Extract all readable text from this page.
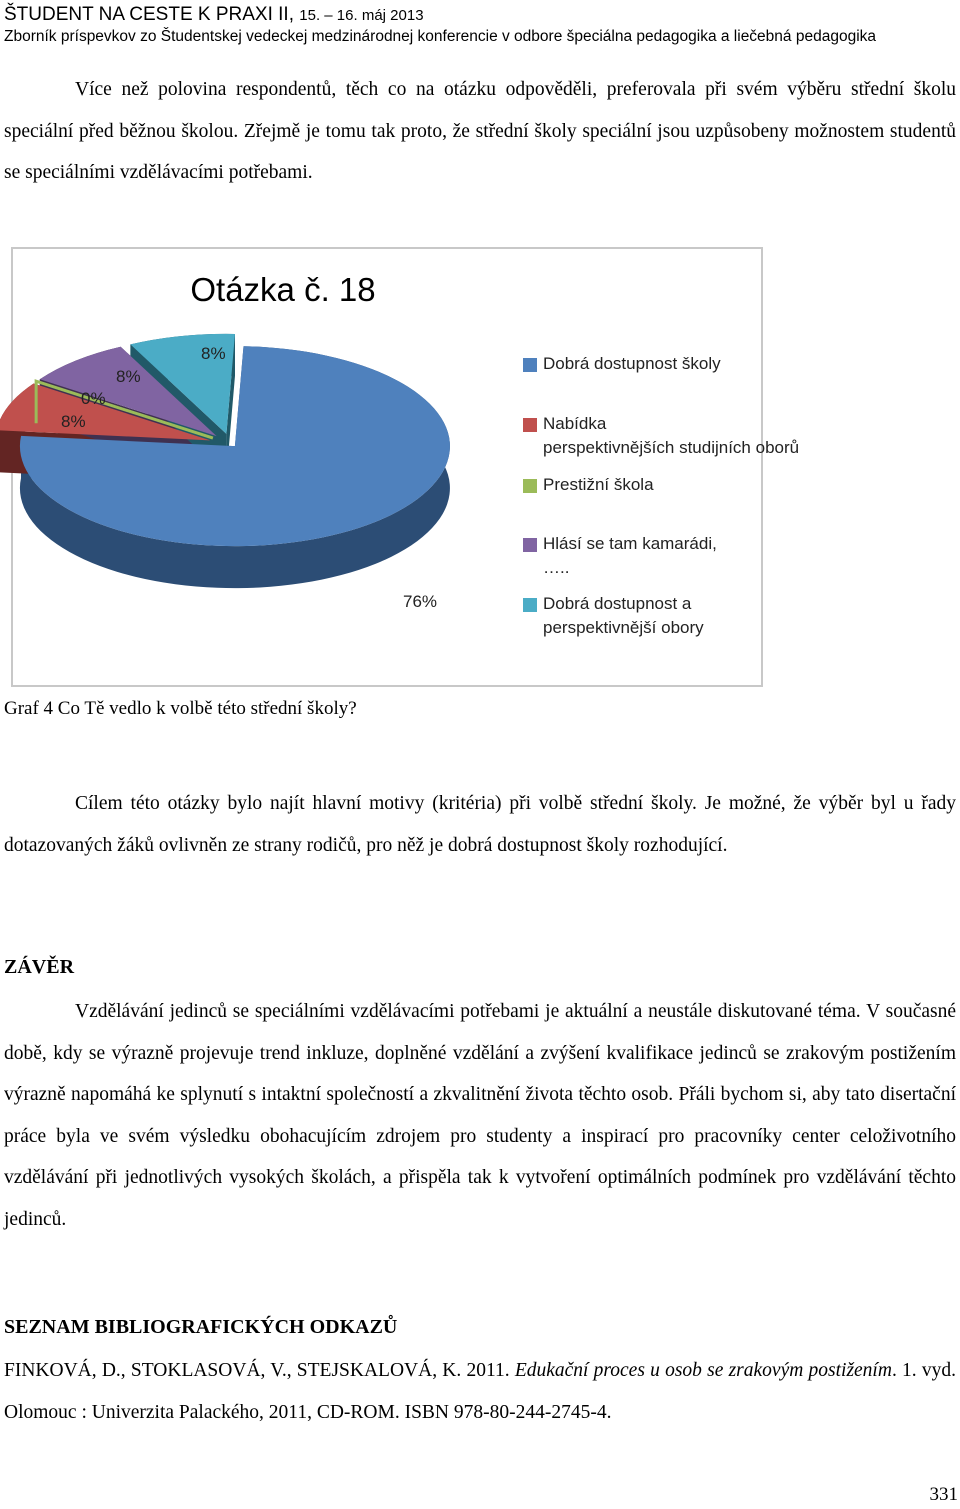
ŠTUDENT NA CESTE K PRAXI II, 15. – 16. máj 2013
Zborník príspevkov zo Študentskej vedeckej medzinárodnej konferencie v odbore špeciálna pedagogika a liečebná pedagogika

Více než polovina respondentů, těch co na otázku odpověděli, preferovala při svém výběru střední školu speciální před běžnou školou. Zřejmě je tomu tak proto, že střední školy speciální jsou uzpůsobeny možnostem studentů se speciálními vzdělávacími potřebami.

Otázka č. 18
76%
8%
0%
8%
8%
Dobrá dostupnost školy
Nabídka perspektivnějších studijních oborů
Prestižní škola
Hlásí se tam kamarádi, …..
Dobrá dostupnost a perspektivnější obory
Graf 4 Co Tě vedlo k volbě této střední školy?

Cílem této otázky bylo najít hlavní motivy (kritéria) při volbě střední školy. Je možné, že výběr byl u řady dotazovaných žáků ovlivněn ze strany rodičů, pro něž je dobrá dostupnost školy rozhodující.

ZÁVĚR

Vzdělávání jedinců se speciálními vzdělávacími potřebami je aktuální a neustále diskutované téma. V současné době, kdy se výrazně projevuje trend inkluze, doplněné vzdělání a zvýšení kvalifikace jedinců se zrakovým postižením výrazně napomáhá ke splynutí s intaktní společností a zkvalitnění života těchto osob. Přáli bychom si, aby tato disertační práce byla ve svém výsledku obohacujícím zdrojem pro studenty a inspirací pro pracovníky center celoživotního vzdělávání při jednotlivých vysokých školách, a přispěla tak k vytvoření optimálních podmínek pro vzdělávání těchto jedinců.

SEZNAM BIBLIOGRAFICKÝCH ODKAZŮ

FINKOVÁ, D., STOKLASOVÁ, V., STEJSKALOVÁ, K. 2011. Edukační proces u osob se zrakovým postižením. 1. vyd. Olomouc : Univerzita Palackého, 2011, CD-ROM. ISBN 978-80-244-2745-4.

331
